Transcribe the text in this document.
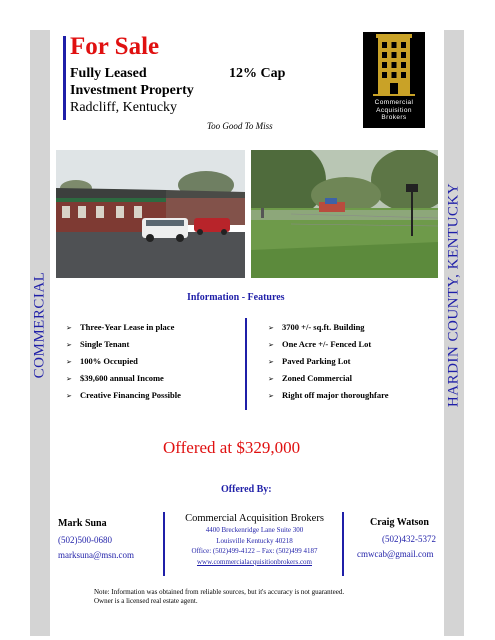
COMMERCIAL	HARDIN COUNTY, KENTUCKY
For Sale
Fully Leased	12% Cap
Investment Property
Radcliff, Kentucky
Too Good To Miss
Commercial
Acquisition
Brokers
Information - Features
➢ Three-Year Lease in place
➢ Single Tenant
➢ 100% Occupied
➢ $39,600 annual Income
➢ Creative Financing Possible
➢ 3700 +/- sq.ft. Building
➢ One Acre +/- Fenced Lot
➢ Paved Parking Lot
➢ Zoned Commercial
➢ Right off major thoroughfare
Offered at $329,000
Offered By:
Mark Suna
(502)500-0680
marksuna@msn.com
Commercial Acquisition Brokers
4400 Breckenridge Lane Suite 300
Louisville Kentucky 40218
Office: (502)499-4122 – Fax: (502)499 4187
www.commercialacquisitionbrokers.com
Craig Watson
(502)432-5372
cmwcab@gmail.com
Note: Information was obtained from reliable sources, but it's accuracy is not guaranteed.
Owner is a licensed real estate agent.
